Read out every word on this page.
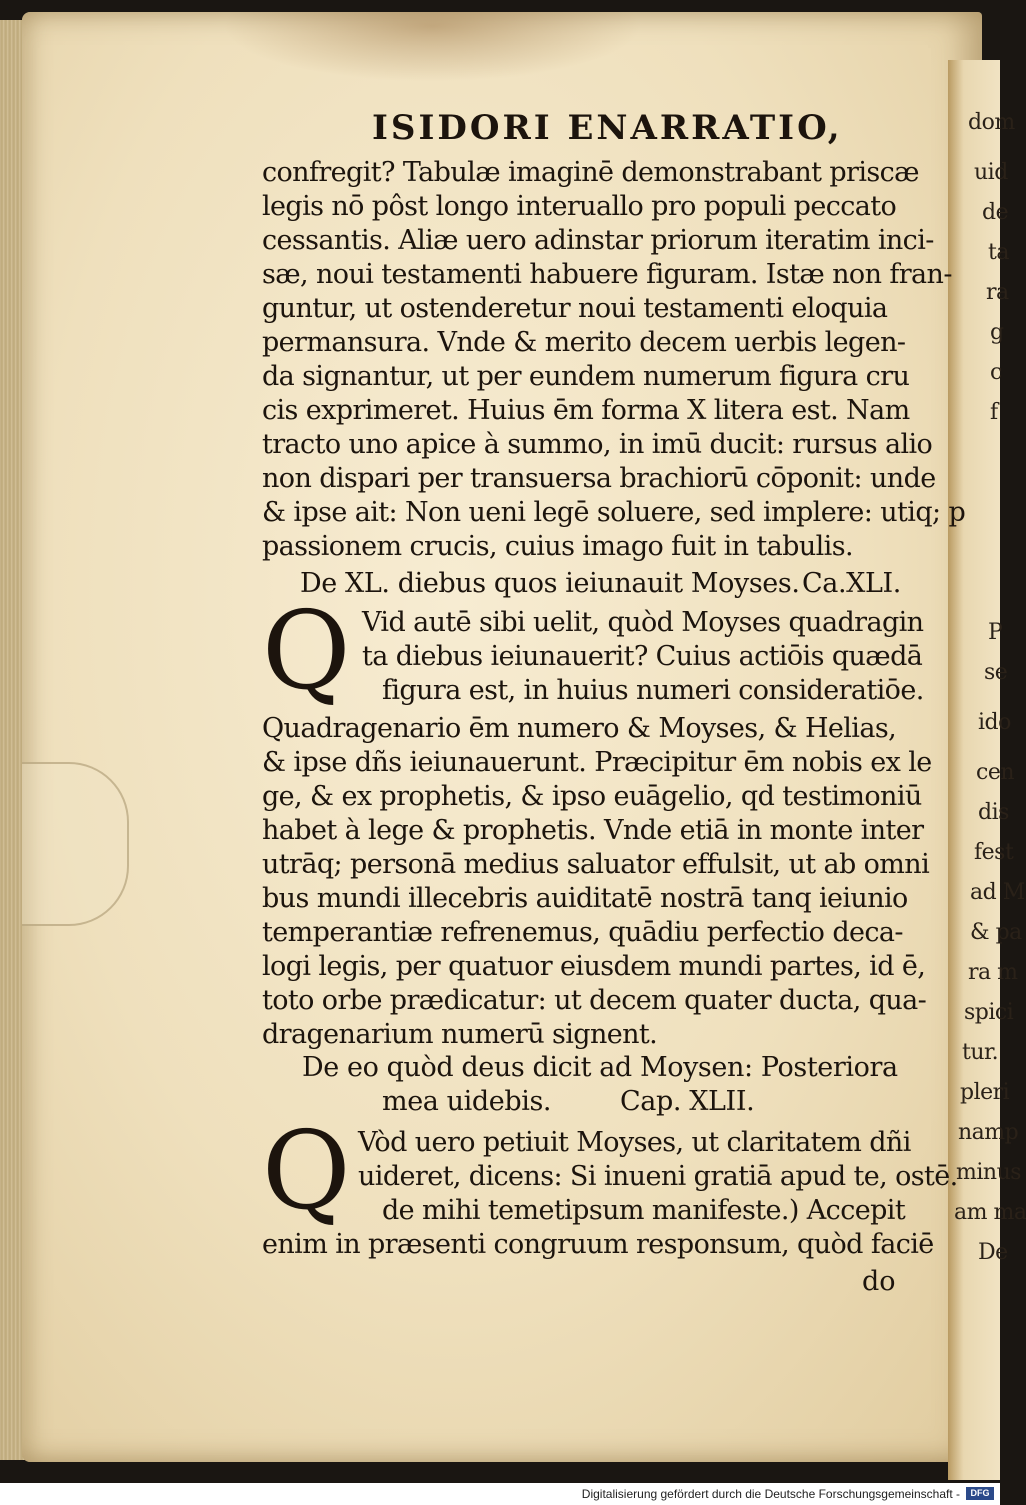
dom
uid
de
ta
ra
g
c
f
P
se
ido
cen
dis
fest
ad M
& pa
ra m
spici
tur.
pleri
namp
minus
am ma
De
ISIDORI ENARRATIO,
confregit? Tabulæ imaginē demonstrabant priscæ
legis nō pôst longo interuallo pro populi peccato
cessantis. Aliæ uero adinstar priorum iteratim inci-
sæ, noui testamenti habuere figuram. Istæ non fran-
guntur, ut ostenderetur noui testamenti eloquia
permansura. Vnde & merito decem uerbis legen-
da signantur, ut per eundem numerum figura cru
cis exprimeret. Huius ēm forma X litera est. Nam
tracto uno apice à summo, in imū ducit: rursus alio
non dispari per transuersa brachiorū cōponit: unde
& ipse ait: Non ueni legē soluere, sed implere: utiq; p
passionem crucis, cuius imago fuit in tabulis.
De XL. diebus quos ieiunauit Moyses. Ca.XLI.
Q Vid autē sibi uelit, quòd Moyses quadragin
ta diebus ieiunauerit? Cuius actiōis quædā
figura est, in huius numeri consideratiōe.
Quadragenario ēm numero & Moyses, & Helias,
& ipse dñs ieiunauerunt. Præcipitur ēm nobis ex le
ge, & ex prophetis, & ipso euāgelio, qd testimoniū
habet à lege & prophetis. Vnde etiā in monte inter
utrāq; personā medius saluator effulsit, ut ab omni
bus mundi illecebris auiditatē nostrā tanq ieiunio
temperantiæ refrenemus, quādiu perfectio deca-
logi legis, per quatuor eiusdem mundi partes, id ē,
toto orbe prædicatur: ut decem quater ducta, qua-
dragenarium numerū signent.
De eo quòd deus dicit ad Moysen: Posteriora
mea uidebis.	Cap. XLII.
Q Vòd uero petiuit Moyses, ut claritatem dñi
uideret, dicens: Si inueni gratiā apud te, ostē.
de mihi temetipsum manifeste.) Accepit
enim in præsenti congruum responsum, quòd faciē
do
Digitalisierung gefördert durch die Deutsche Forschungsgemeinschaft -	DFG
